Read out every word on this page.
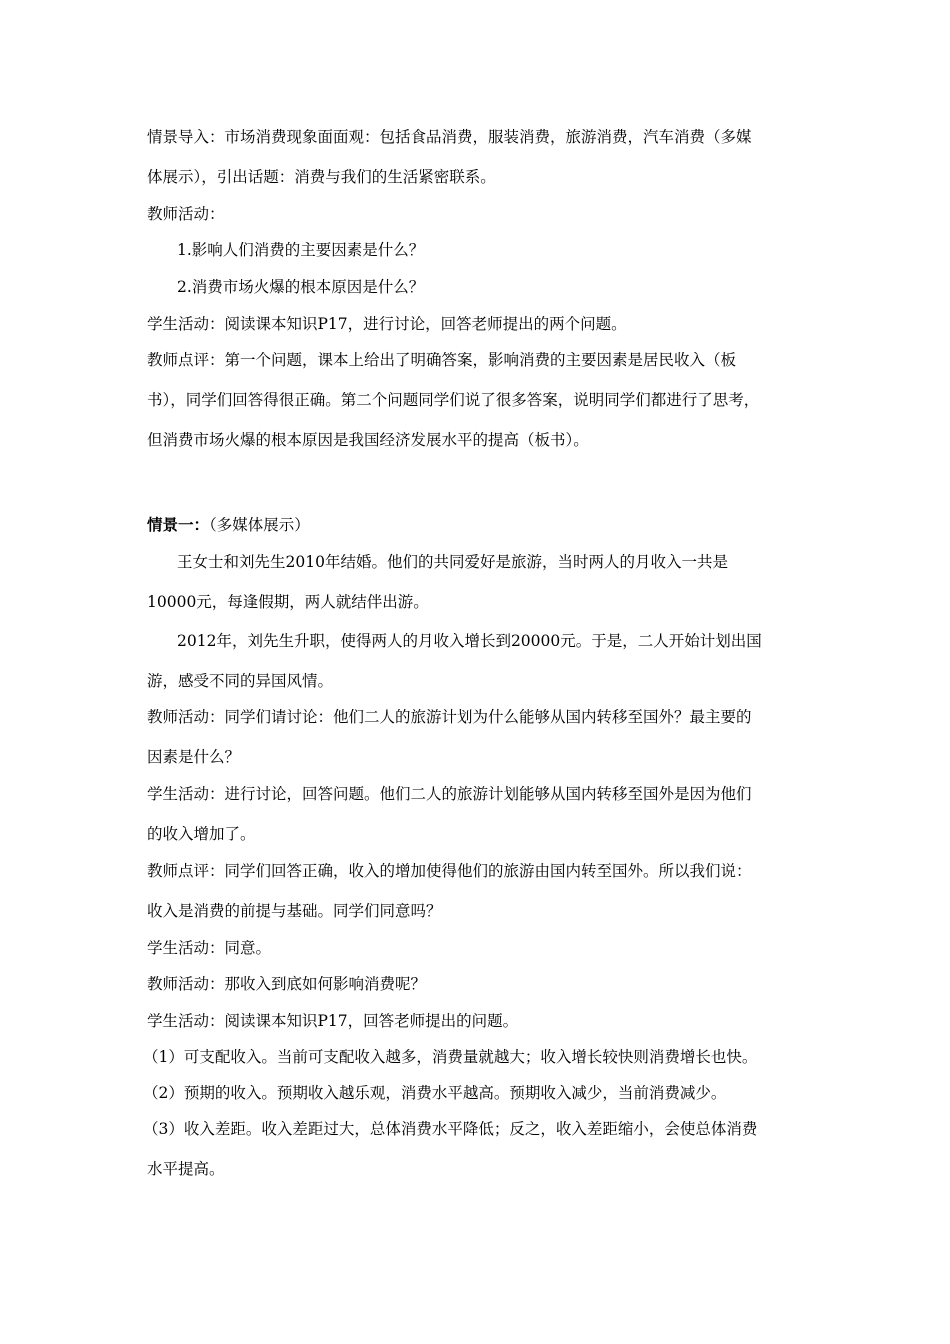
情景导入：市场消费现象面面观：包括食品消费，服装消费，旅游消费，汽车消费（多媒
体展示），引出话题：消费与我们的生活紧密联系。
教师活动：
1.影响人们消费的主要因素是什么？
2.消费市场火爆的根本原因是什么？
学生活动：阅读课本知识P17，进行讨论，回答老师提出的两个问题。
教师点评：第一个问题，课本上给出了明确答案，影响消费的主要因素是居民收入（板
书），同学们回答得很正确。第二个问题同学们说了很多答案，说明同学们都进行了思考，
但消费市场火爆的根本原因是我国经济发展水平的提高（板书）。
情景一：（多媒体展示）
王女士和刘先生2010年结婚。他们的共同爱好是旅游，当时两人的月收入一共是
10000元，每逢假期，两人就结伴出游。
2012年，刘先生升职，使得两人的月收入增长到20000元。于是，二人开始计划出国
游，感受不同的异国风情。
教师活动：同学们请讨论：他们二人的旅游计划为什么能够从国内转移至国外？最主要的
因素是什么？
学生活动：进行讨论，回答问题。他们二人的旅游计划能够从国内转移至国外是因为他们
的收入增加了。
教师点评：同学们回答正确，收入的增加使得他们的旅游由国内转至国外。所以我们说：
收入是消费的前提与基础。同学们同意吗？
学生活动：同意。
教师活动：那收入到底如何影响消费呢？
学生活动：阅读课本知识P17，回答老师提出的问题。
（1）可支配收入。当前可支配收入越多，消费量就越大；收入增长较快则消费增长也快。
（2）预期的收入。预期收入越乐观，消费水平越高。预期收入减少，当前消费减少。
（3）收入差距。收入差距过大，总体消费水平降低；反之，收入差距缩小，会使总体消费
水平提高。
